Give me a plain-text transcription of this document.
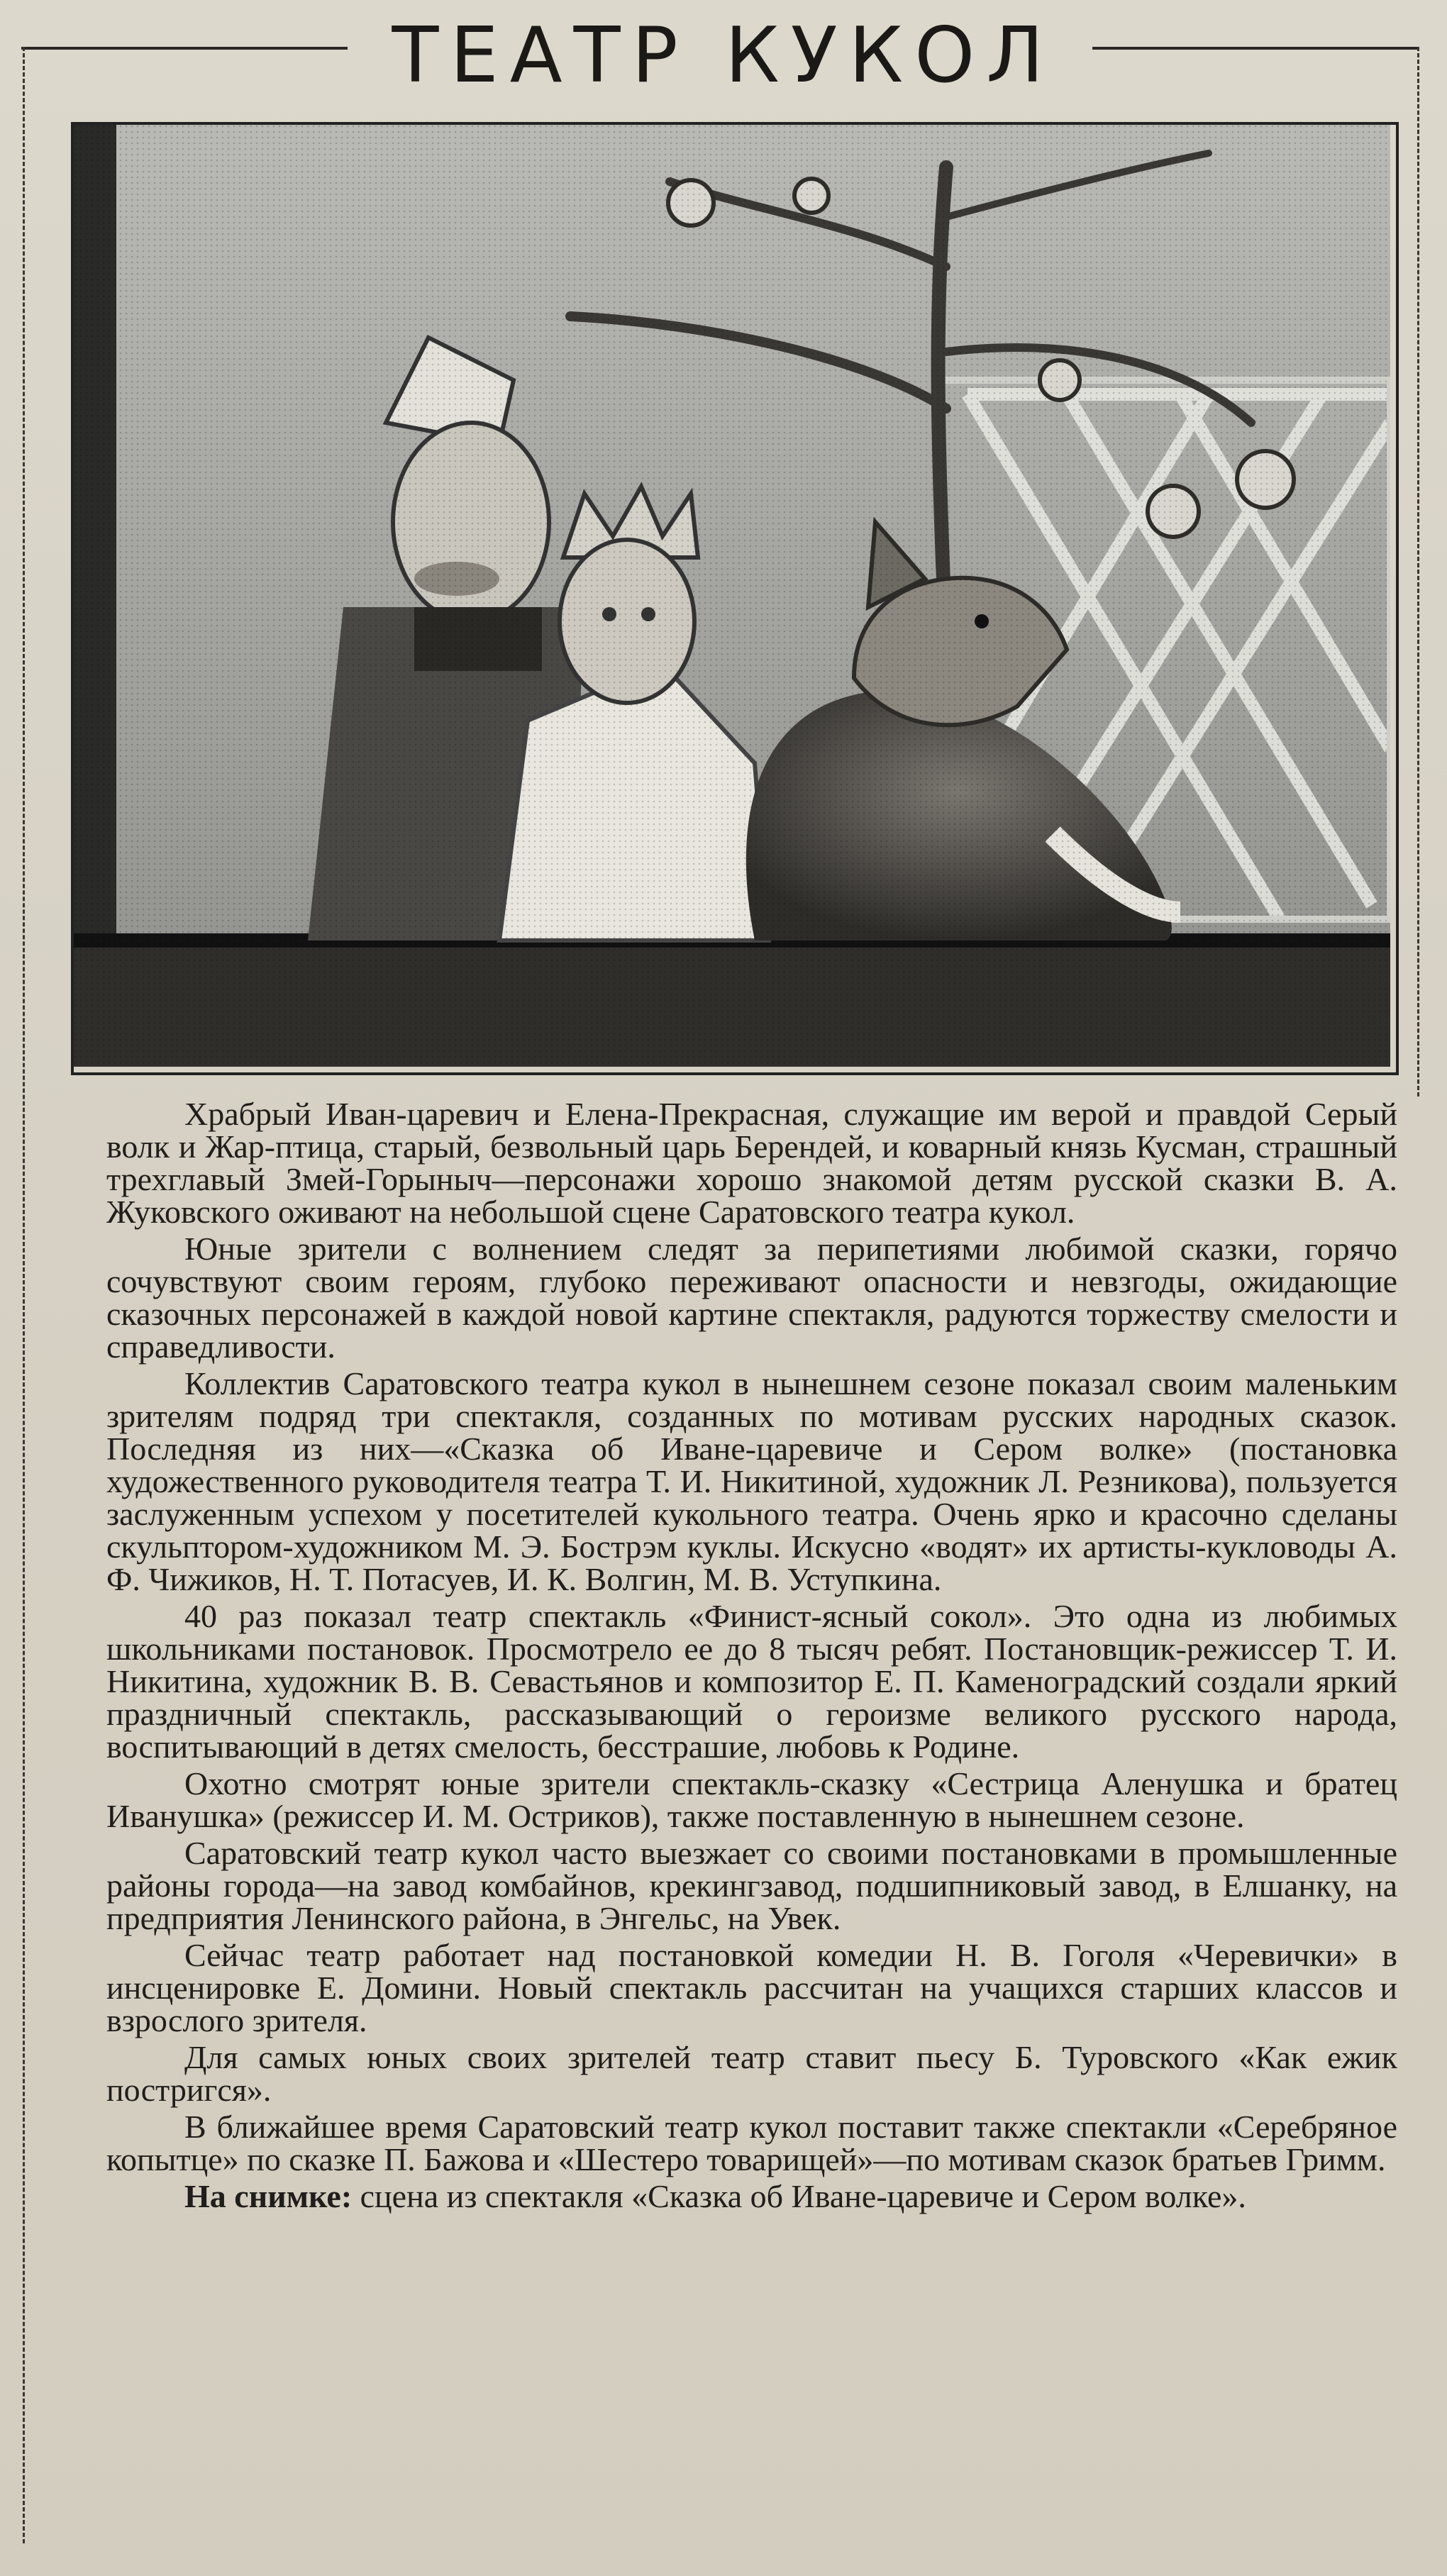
ТЕАТР КУКОЛ

Храбрый Иван-царевич и Елена-Прекрасная, служащие им верой и правдой Серый волк и Жар-птица, старый, безвольный царь Берендей, и коварный князь Кусман, страшный трехглавый Змей-Горыныч—персонажи хорошо знакомой детям русской сказки В. А. Жуковского оживают на небольшой сцене Саратовского театра кукол.

Юные зрители с волнением следят за перипетиями любимой сказки, горячо сочувствуют своим героям, глубоко переживают опасности и невзгоды, ожидающие сказочных персонажей в каждой новой картине спектакля, радуются торжеству смелости и справедливости.

Коллектив Саратовского театра кукол в нынешнем сезоне показал своим маленьким зрителям подряд три спектакля, созданных по мотивам русских народных сказок. Последняя из них—«Сказка об Иване-царевиче и Сером волке» (постановка художественного руководителя театра Т. И. Никитиной, художник Л. Резникова), пользуется заслуженным успехом у посетителей кукольного театра. Очень ярко и красочно сделаны скульптором-художником М. Э. Бострэм куклы. Искусно «водят» их артисты-кукловоды А. Ф. Чижиков, Н. Т. Потасуев, И. К. Волгин, М. В. Уступкина.

40 раз показал театр спектакль «Финист-ясный сокол». Это одна из любимых школьниками постановок. Просмотрело ее до 8 тысяч ребят. Постановщик-режиссер Т. И. Никитина, художник В. В. Севастьянов и композитор Е. П. Каменоградский создали яркий праздничный спектакль, рассказывающий о героизме великого русского народа, воспитывающий в детях смелость, бесстрашие, любовь к Родине.

Охотно смотрят юные зрители спектакль-сказку «Сестрица Аленушка и братец Иванушка» (режиссер И. М. Остриков), также поставленную в нынешнем сезоне.

Саратовский театр кукол часто выезжает со своими постановками в промышленные районы города—на завод комбайнов, крекингзавод, подшипниковый завод, в Елшанку, на предприятия Ленинского района, в Энгельс, на Увек.

Сейчас театр работает над постановкой комедии Н. В. Гоголя «Черевички» в инсценировке Е. Домини. Новый спектакль рассчитан на учащихся старших классов и взрослого зрителя.

Для самых юных своих зрителей театр ставит пьесу Б. Туровского «Как ежик постригся».

В ближайшее время Саратовский театр кукол поставит также спектакли «Серебряное копытце» по сказке П. Бажова и «Шестеро товарищей»—по мотивам сказок братьев Гримм.

На снимке: сцена из спектакля «Сказка об Иване-царевиче и Сером волке».
